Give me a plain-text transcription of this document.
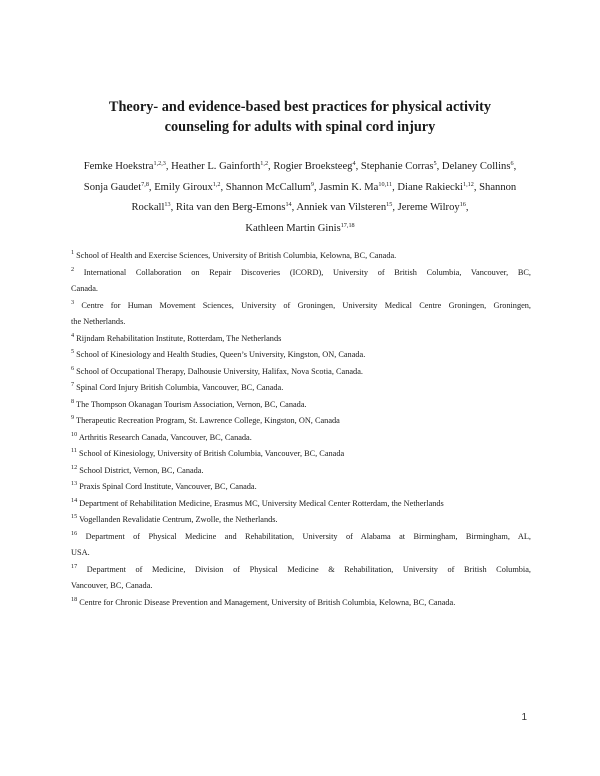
Theory- and evidence-based best practices for physical activity
counseling for adults with spinal cord injury
Femke Hoekstra$^{1,2,3}$, Heather L. Gainforth$^{1,2}$, Rogier Broeksteeg$^4$, Stephanie Corras$^5$, Delaney Collins$^6$,
Sonja Gaudet$^{7,8}$, Emily Giroux$^{1,2}$, Shannon McCallum$^9$, Jasmin K. Ma$^{10,11}$, Diane Rakiecki$^{1,12}$, Shannon
Rockall$^{13}$, Rita van den Berg-Emons$^{14}$, Anniek van Vilsteren$^{15}$, Jereme Wilroy$^{16}$,
Kathleen Martin Ginis$^{17,18}$
$^1$ School of Health and Exercise Sciences, University of British Columbia, Kelowna, BC, Canada.
$^2$ International Collaboration on Repair Discoveries (ICORD), University of British Columbia, Vancouver, BC,
Canada.
$^3$ Centre for Human Movement Sciences, University of Groningen, University Medical Centre Groningen, Groningen,
the Netherlands.
$^4$ Rijndam Rehabilitation Institute, Rotterdam, The Netherlands
$^5$ School of Kinesiology and Health Studies, Queen’s University, Kingston, ON, Canada.
$^6$ School of Occupational Therapy, Dalhousie University, Halifax, Nova Scotia, Canada.
$^7$ Spinal Cord Injury British Columbia, Vancouver, BC, Canada.
$^8$ The Thompson Okanagan Tourism Association, Vernon, BC, Canada.
$^9$ Therapeutic Recreation Program, St. Lawrence College, Kingston, ON, Canada
$^{10}$ Arthritis Research Canada, Vancouver, BC, Canada.
$^{11}$ School of Kinesiology, University of British Columbia, Vancouver, BC, Canada
$^{12}$ School District, Vernon, BC, Canada.
$^{13}$ Praxis Spinal Cord Institute, Vancouver, BC, Canada.
$^{14}$ Department of Rehabilitation Medicine, Erasmus MC, University Medical Center Rotterdam, the Netherlands
$^{15}$ Vogellanden Revalidatie Centrum, Zwolle, the Netherlands.
$^{16}$ Department of Physical Medicine and Rehabilitation, University of Alabama at Birmingham, Birmingham, AL,
USA.
$^{17}$ Department of Medicine, Division of Physical Medicine & Rehabilitation, University of British Columbia,
Vancouver, BC, Canada.
$^{18}$ Centre for Chronic Disease Prevention and Management, University of British Columbia, Kelowna, BC, Canada.
1
